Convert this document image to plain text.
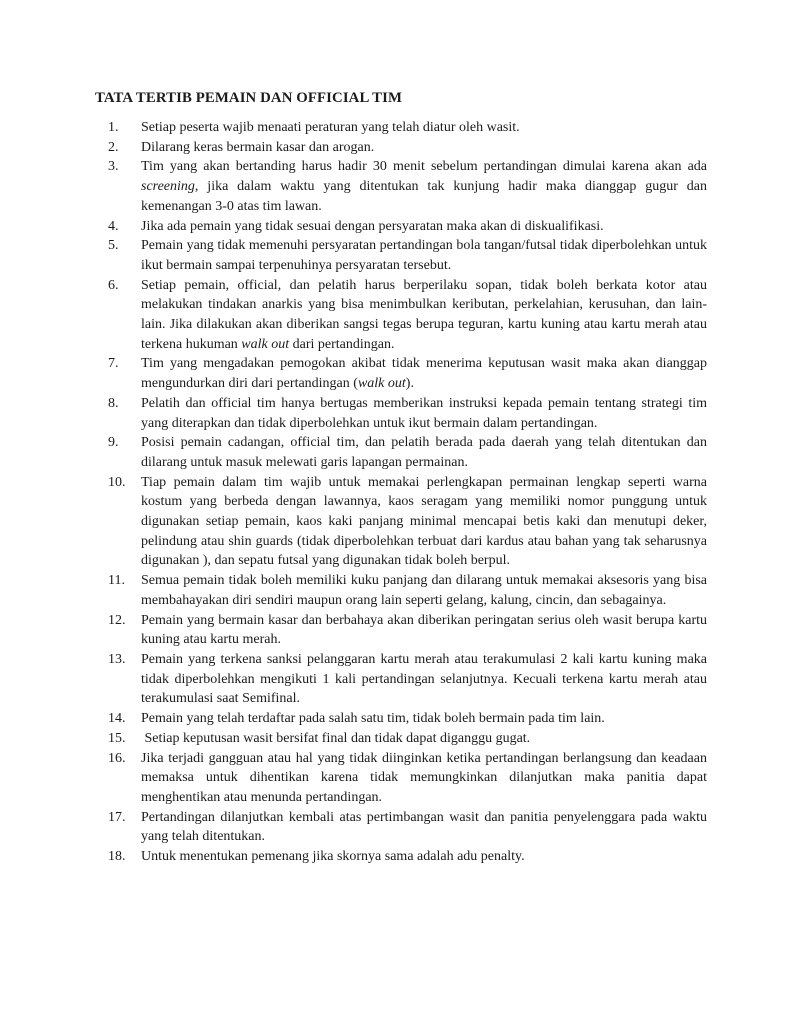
TATA TERTIB PEMAIN DAN OFFICIAL TIM
1. Setiap peserta wajib menaati peraturan yang telah diatur oleh wasit.
2. Dilarang keras bermain kasar dan arogan.
3. Tim yang akan bertanding harus hadir 30 menit sebelum pertandingan dimulai karena akan ada screening, jika dalam waktu yang ditentukan tak kunjung hadir maka dianggap gugur dan kemenangan 3-0 atas tim lawan.
4. Jika ada pemain yang tidak sesuai dengan persyaratan maka akan di diskualifikasi.
5. Pemain yang tidak memenuhi persyaratan pertandingan bola tangan/futsal tidak diperbolehkan untuk ikut bermain sampai terpenuhinya persyaratan tersebut.
6. Setiap pemain, official, dan pelatih harus berperilaku sopan, tidak boleh berkata kotor atau melakukan tindakan anarkis yang bisa menimbulkan keributan, perkelahian, kerusuhan, dan lain-lain. Jika dilakukan akan diberikan sangsi tegas berupa teguran, kartu kuning atau kartu merah atau terkena hukuman walk out dari pertandingan.
7. Tim yang mengadakan pemogokan akibat tidak menerima keputusan wasit maka akan dianggap mengundurkan diri dari pertandingan (walk out).
8. Pelatih dan official tim hanya bertugas memberikan instruksi kepada pemain tentang strategi tim yang diterapkan dan tidak diperbolehkan untuk ikut bermain dalam pertandingan.
9. Posisi pemain cadangan, official tim, dan pelatih berada pada daerah yang telah ditentukan dan dilarang untuk masuk melewati garis lapangan permainan.
10. Tiap pemain dalam tim wajib untuk memakai perlengkapan permainan lengkap seperti warna kostum yang berbeda dengan lawannya, kaos seragam yang memiliki nomor punggung untuk digunakan setiap pemain, kaos kaki panjang minimal mencapai betis kaki dan menutupi deker, pelindung atau shin guards (tidak diperbolehkan terbuat dari kardus atau bahan yang tak seharusnya digunakan ), dan sepatu futsal yang digunakan tidak boleh berpul.
11. Semua pemain tidak boleh memiliki kuku panjang dan dilarang untuk memakai aksesoris yang bisa membahayakan diri sendiri maupun orang lain seperti gelang, kalung, cincin, dan sebagainya.
12. Pemain yang bermain kasar dan berbahaya akan diberikan peringatan serius oleh wasit berupa kartu kuning atau kartu merah.
13. Pemain yang terkena sanksi pelanggaran kartu merah atau terakumulasi 2 kali kartu kuning maka tidak diperbolehkan mengikuti 1 kali pertandingan selanjutnya. Kecuali terkena kartu merah atau terakumulasi saat Semifinal.
14. Pemain yang telah terdaftar pada salah satu tim, tidak boleh bermain pada tim lain.
15. Setiap keputusan wasit bersifat final dan tidak dapat diganggu gugat.
16. Jika terjadi gangguan atau hal yang tidak diinginkan ketika pertandingan berlangsung dan keadaan memaksa untuk dihentikan karena tidak memungkinkan dilanjutkan maka panitia dapat menghentikan atau menunda pertandingan.
17. Pertandingan dilanjutkan kembali atas pertimbangan wasit dan panitia penyelenggara pada waktu yang telah ditentukan.
18. Untuk menentukan pemenang jika skornya sama adalah adu penalty.
